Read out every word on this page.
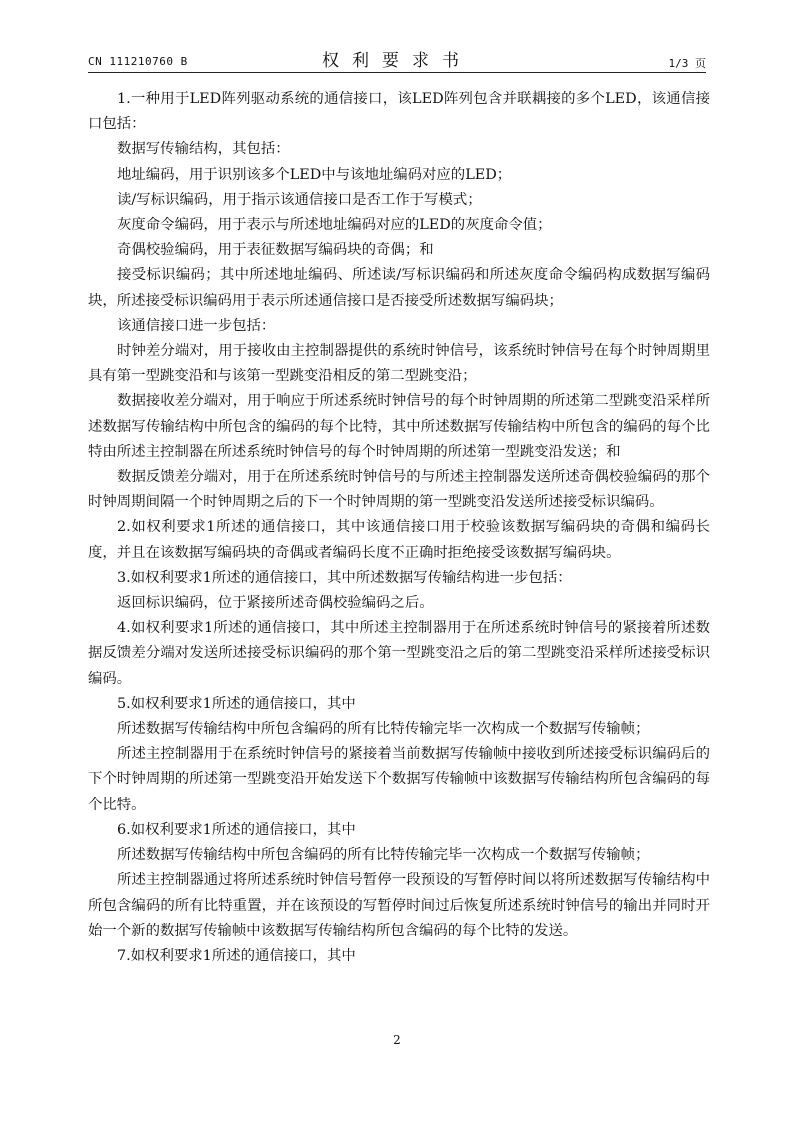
CN 111210760 B	权利要求书	1/3 页

1.一种用于LED阵列驱动系统的通信接口，该LED阵列包含并联耦接的多个LED，该通信接口包括：

数据写传输结构，其包括：

地址编码，用于识别该多个LED中与该地址编码对应的LED；

读/写标识编码，用于指示该通信接口是否工作于写模式；

灰度命令编码，用于表示与所述地址编码对应的LED的灰度命令值；

奇偶校验编码，用于表征数据写编码块的奇偶；和

接受标识编码；其中所述地址编码、所述读/写标识编码和所述灰度命令编码构成数据写编码块，所述接受标识编码用于表示所述通信接口是否接受所述数据写编码块；

该通信接口进一步包括：

时钟差分端对，用于接收由主控制器提供的系统时钟信号，该系统时钟信号在每个时钟周期里具有第一型跳变沿和与该第一型跳变沿相反的第二型跳变沿；

数据接收差分端对，用于响应于所述系统时钟信号的每个时钟周期的所述第二型跳变沿采样所述数据写传输结构中所包含的编码的每个比特，其中所述数据写传输结构中所包含的编码的每个比特由所述主控制器在所述系统时钟信号的每个时钟周期的所述第一型跳变沿发送；和

数据反馈差分端对，用于在所述系统时钟信号的与所述主控制器发送所述奇偶校验编码的那个时钟周期间隔一个时钟周期之后的下一个时钟周期的第一型跳变沿发送所述接受标识编码。

2.如权利要求1所述的通信接口，其中该通信接口用于校验该数据写编码块的奇偶和编码长度，并且在该数据写编码块的奇偶或者编码长度不正确时拒绝接受该数据写编码块。

3.如权利要求1所述的通信接口，其中所述数据写传输结构进一步包括：

返回标识编码，位于紧接所述奇偶校验编码之后。

4.如权利要求1所述的通信接口，其中所述主控制器用于在所述系统时钟信号的紧接着所述数据反馈差分端对发送所述接受标识编码的那个第一型跳变沿之后的第二型跳变沿采样所述接受标识编码。

5.如权利要求1所述的通信接口，其中

所述数据写传输结构中所包含编码的所有比特传输完毕一次构成一个数据写传输帧；

所述主控制器用于在系统时钟信号的紧接着当前数据写传输帧中接收到所述接受标识编码后的下个时钟周期的所述第一型跳变沿开始发送下个数据写传输帧中该数据写传输结构所包含编码的每个比特。

6.如权利要求1所述的通信接口，其中

所述数据写传输结构中所包含编码的所有比特传输完毕一次构成一个数据写传输帧；

所述主控制器通过将所述系统时钟信号暂停一段预设的写暂停时间以将所述数据写传输结构中所包含编码的所有比特重置，并在该预设的写暂停时间过后恢复所述系统时钟信号的输出并同时开始一个新的数据写传输帧中该数据写传输结构所包含编码的每个比特的发送。

7.如权利要求1所述的通信接口，其中

2
